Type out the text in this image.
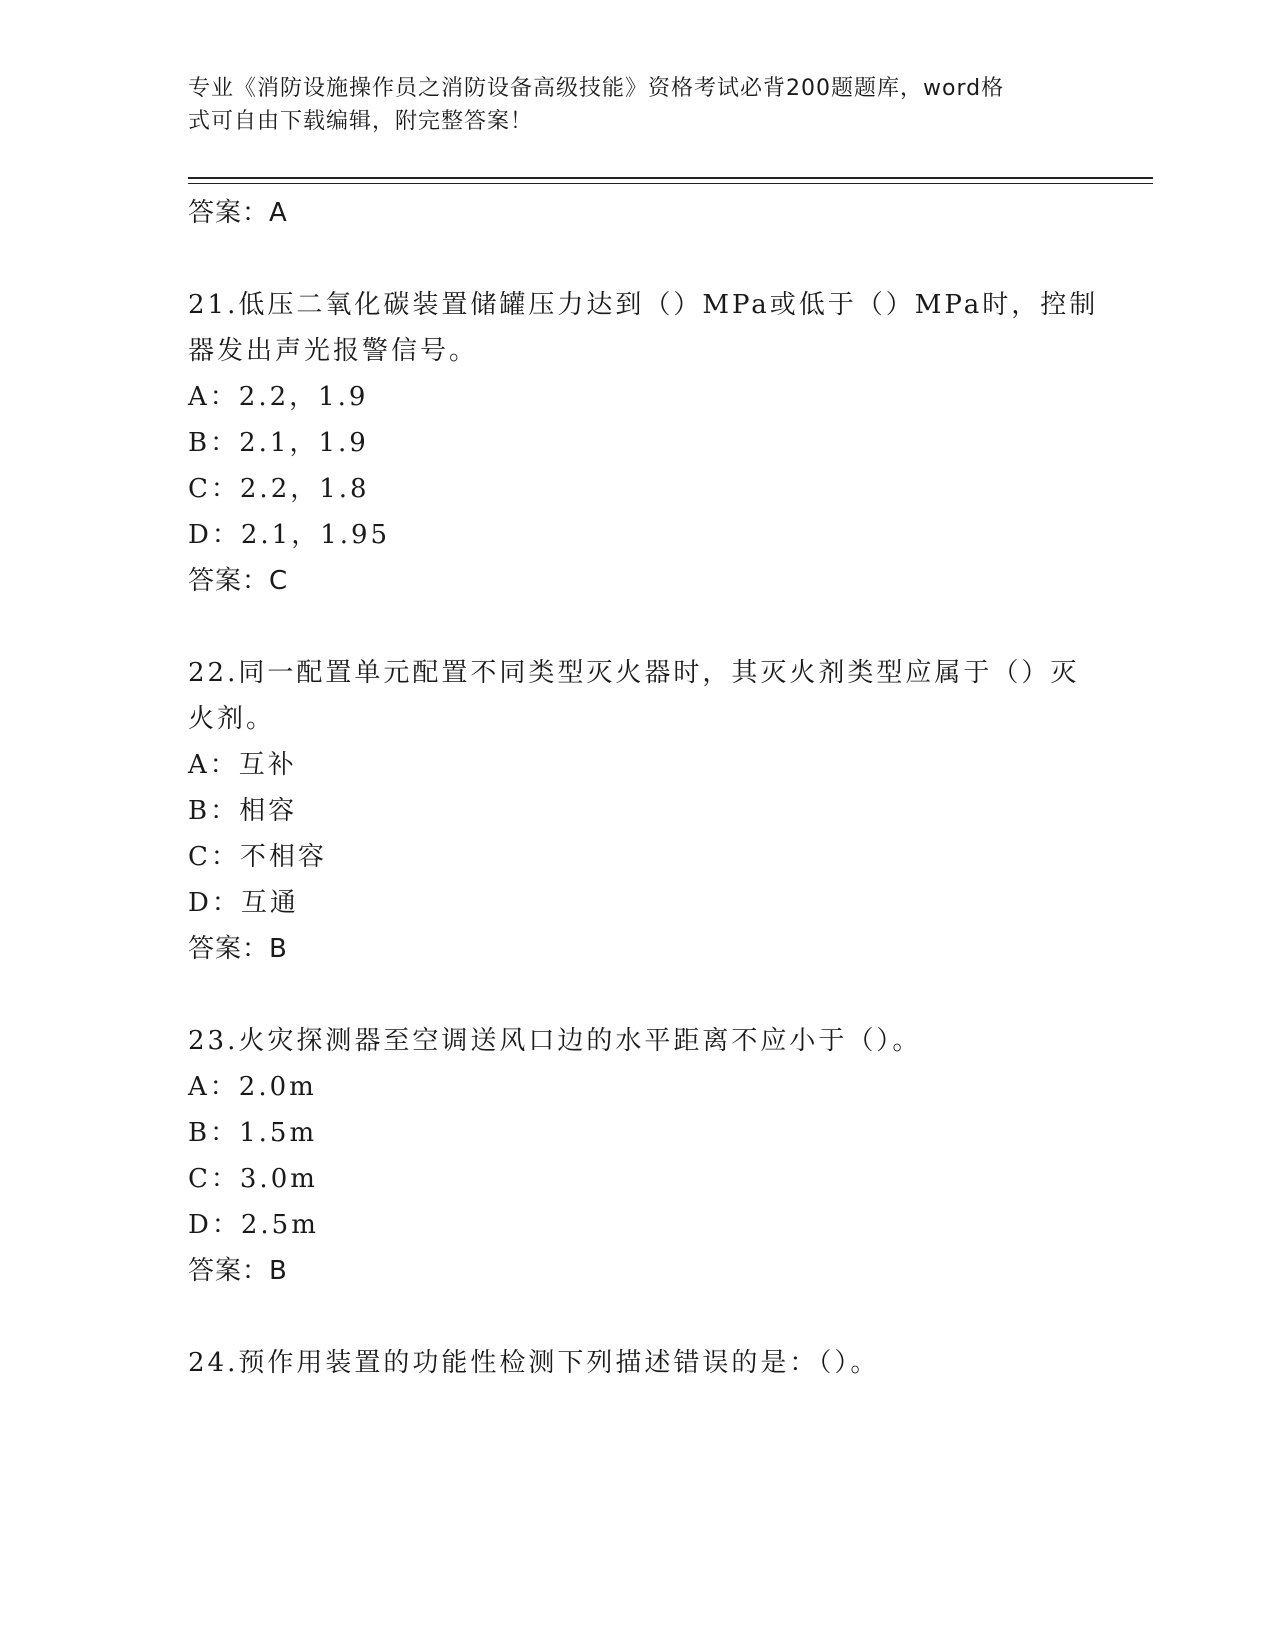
专业《消防设施操作员之消防设备高级技能》资格考试必背200题题库，word格
式可自由下载编辑，附完整答案！
答案：A
21.低压二氧化碳装置储罐压力达到（）MPa或低于（）MPa时，控制
器发出声光报警信号。
A：2.2，1.9
B：2.1，1.9
C：2.2，1.8
D：2.1，1.95
答案：C
22.同一配置单元配置不同类型灭火器时，其灭火剂类型应属于（）灭
火剂。
A：互补
B：相容
C：不相容
D：互通
答案：B
23.火灾探测器至空调送风口边的水平距离不应小于（）。
A：2.0m
B：1.5m
C：3.0m
D：2.5m
答案：B
24.预作用装置的功能性检测下列描述错误的是：（）。
